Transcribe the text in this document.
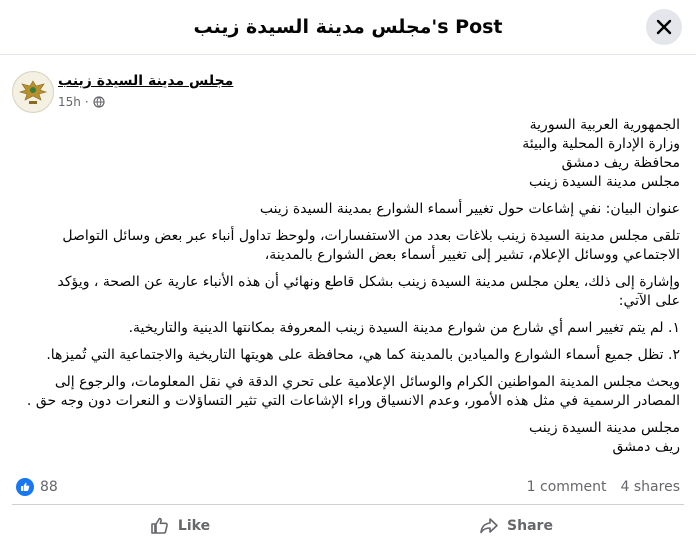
مجلس مدينة السيدة زينب's Post
مجلس مدينة السيدة زينب
15h ·

الجمهورية العربية السورية

وزارة الإدارة المحلية والبيئة

محافظة ريف دمشق

مجلس مدينة السيدة زينب

عنوان البيان: نفي إشاعات حول تغيير أسماء الشوارع بمدينة السيدة زينب

تلقى مجلس مدينة السيدة زينب بلاغات بعدد من الاستفسارات، ولوحظ تداول أنباء عبر بعض وسائل التواصل

الاجتماعي ووسائل الإعلام، تشير إلى تغيير أسماء بعض الشوارع بالمدينة،

وإشارة إلى ذلك، يعلن مجلس مدينة السيدة زينب بشكل قاطع ونهائي أن هذه الأنباء عارية عن الصحة ، ويؤكد

على الآتي:

١. لم يتم تغيير اسم أي شارع من شوارع مدينة السيدة زينب المعروفة بمكانتها الدينية والتاريخية.

٢. تظل جميع أسماء الشوارع والميادين بالمدينة كما هي، محافظة على هويتها التاريخية والاجتماعية التي تُميزها.

ويحث مجلس المدينة المواطنين الكرام والوسائل الإعلامية على تحري الدقة في نقل المعلومات، والرجوع إلى

المصادر الرسمية في مثل هذه الأمور، وعدم الانسياق وراء الإشاعات التي تثير التساؤلات و النعرات دون وجه حق .

مجلس مدينة السيدة زينب

ريف دمشق

88	1 comment 4 shares
Like	Share
